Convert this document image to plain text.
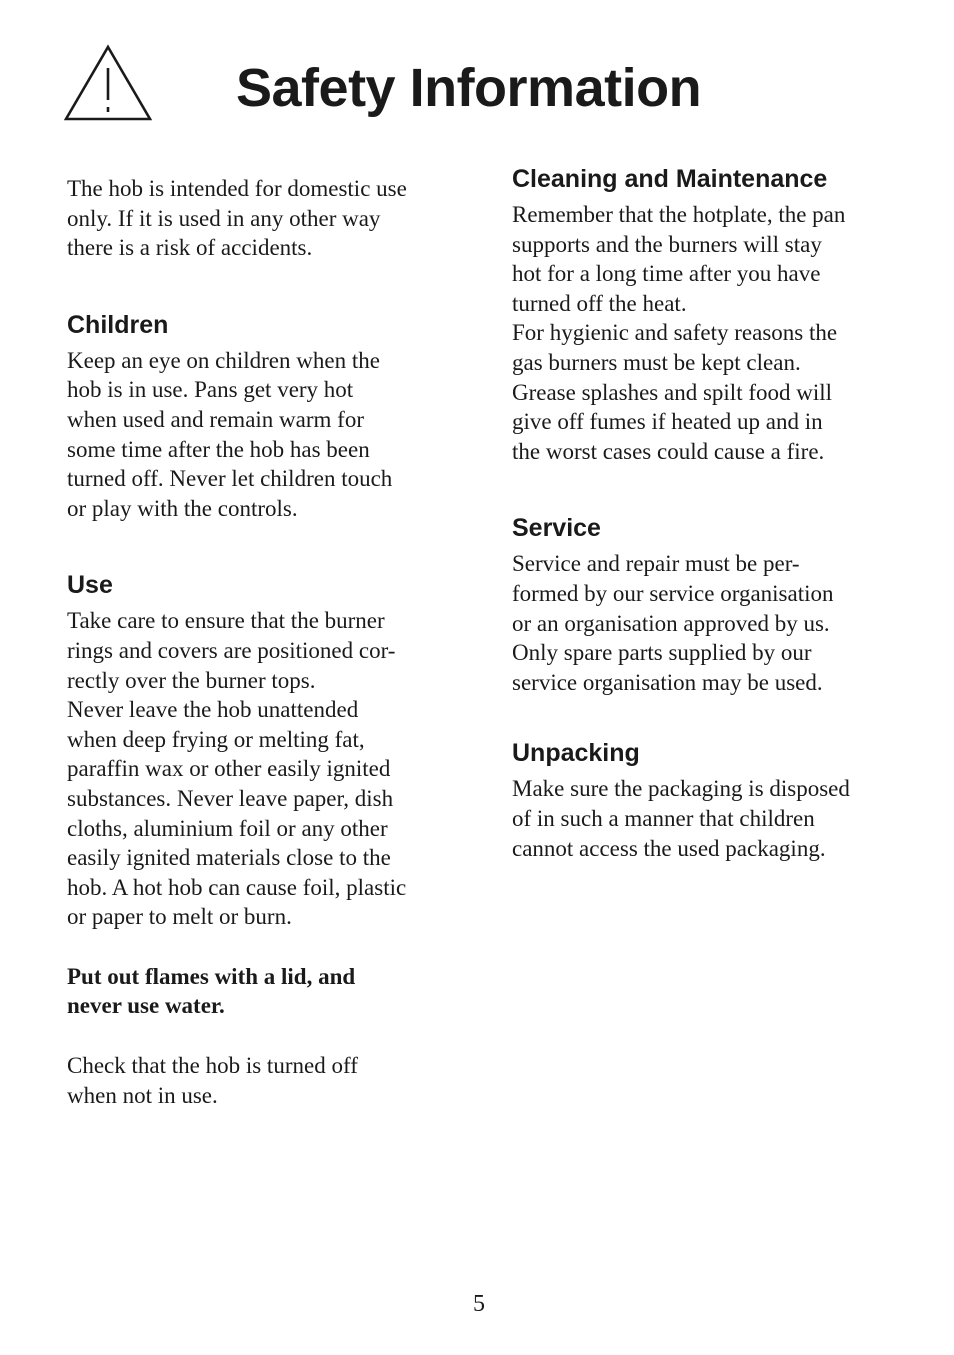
Safety Information

The hob is intended for domestic use
only. If it is used in any other way
there is a risk of accidents.

Children

Keep an eye on children when the
hob is in use. Pans get very hot
when used and remain warm for
some time after the hob has been
turned off. Never let children touch
or play with the controls.

Use

Take care to ensure that the burner
rings and covers are positioned cor-
rectly over the burner tops.
Never leave the hob unattended
when deep frying or melting fat,
paraffin wax or other easily ignited
substances. Never leave paper, dish
cloths, aluminium foil or any other
easily ignited materials close to the
hob. A hot hob can cause foil, plastic
or paper to melt or burn.

Put out flames with a lid, and
never use water.

Check that the hob is turned off
when not in use.

Cleaning and Maintenance

Remember that the hotplate, the pan
supports and the burners will stay
hot for a long time after you have
turned off the heat.
For hygienic and safety reasons the
gas burners must be kept clean.
Grease splashes and spilt food will
give off fumes if heated up and in
the worst cases could cause a fire.

Service

Service and repair must be per-
formed by our service organisation
or an organisation approved by us.
Only spare parts supplied by our
service organisation may be used.

Unpacking

Make sure the packaging is disposed
of in such a manner that children
cannot access the used packaging.

5
